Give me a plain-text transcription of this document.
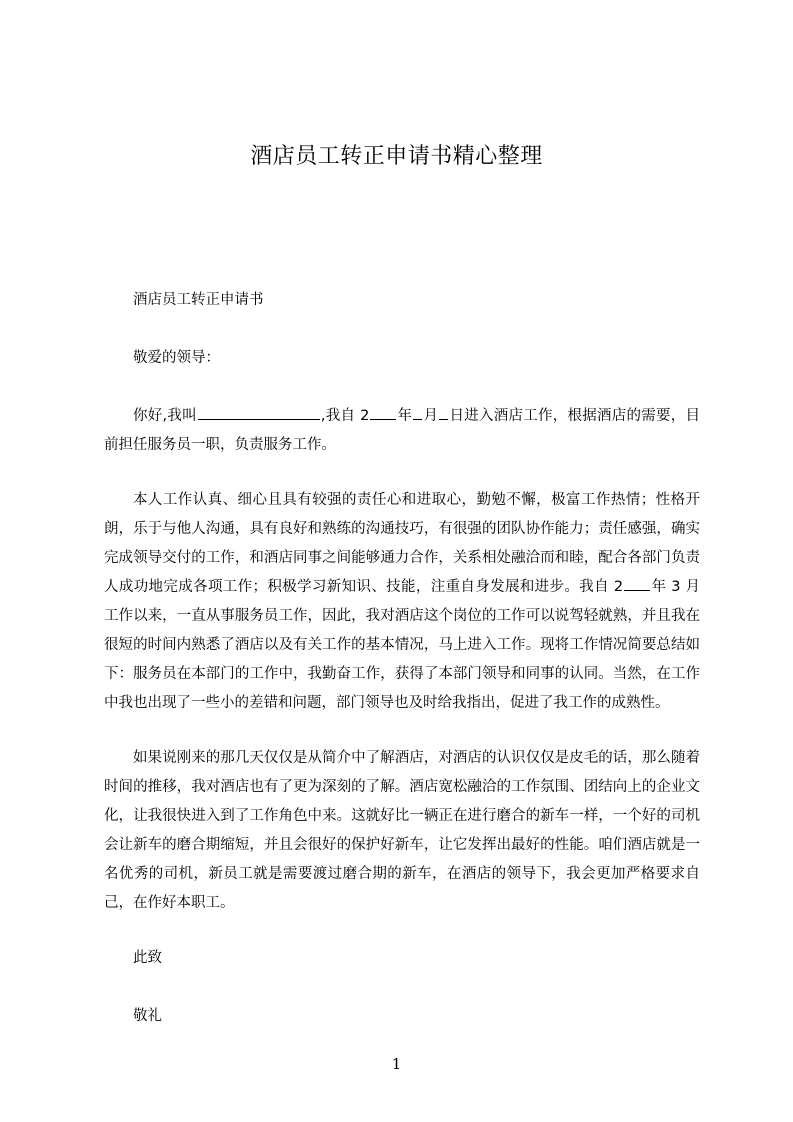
酒店员工转正申请书精心整理

酒店员工转正申请书

敬爱的领导：

你好,我叫	,我自 2 年 月 日进入酒店工作，根据酒店的需要，目前担任服务员一职，负责服务工作。

本人工作认真、细心且具有较强的责任心和进取心，勤勉不懈，极富工作热情；性格开朗，乐于与他人沟通，具有良好和熟练的沟通技巧，有很强的团队协作能力；责任感强，确实完成领导交付的工作，和酒店同事之间能够通力合作，关系相处融洽而和睦，配合各部门负责人成功地完成各项工作；积极学习新知识、技能，注重自身发展和进步。我自 2 年 3 月工作以来，一直从事服务员工作，因此，我对酒店这个岗位的工作可以说驾轻就熟，并且我在很短的时间内熟悉了酒店以及有关工作的基本情况，马上进入工作。现将工作情况简要总结如下：服务员在本部门的工作中，我勤奋工作，获得了本部门领导和同事的认同。当然，在工作中我也出现了一些小的差错和问题，部门领导也及时给我指出，促进了我工作的成熟性。

如果说刚来的那几天仅仅是从简介中了解酒店，对酒店的认识仅仅是皮毛的话，那么随着时间的推移，我对酒店也有了更为深刻的了解。酒店宽松融洽的工作氛围、团结向上的企业文化，让我很快进入到了工作角色中来。这就好比一辆正在进行磨合的新车一样，一个好的司机会让新车的磨合期缩短，并且会很好的保护好新车，让它发挥出最好的性能。咱们酒店就是一名优秀的司机，新员工就是需要渡过磨合期的新车，在酒店的领导下，我会更加严格要求自己，在作好本职工。

此致

敬礼

1
